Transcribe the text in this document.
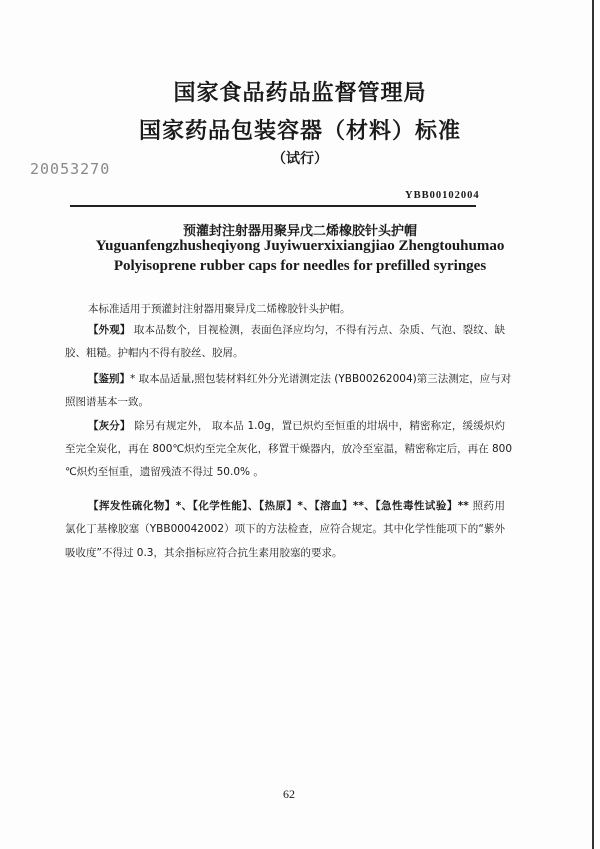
国家食品药品监督管理局
国家药品包装容器（材料）标准
（试行）
20053270
YBB00102004
预灌封注射器用聚异戊二烯橡胶针头护帽
Yuguanfengzhusheqiyong Juyiwuerxixiangjiao Zhengtouhumao
Polyisoprene rubber caps for needles for prefilled syringes
本标准适用于预灌封注射器用聚异戊二烯橡胶针头护帽。
【外观】 取本品数个，目视检测，表面色泽应均匀，不得有污点、杂质、气泡、裂纹、缺
胶、粗糙。护帽内不得有胶丝、胶屑。
【鉴别】* 取本品适量,照包装材料红外分光谱测定法 (YBB00262004)第三法测定，应与对
照图谱基本一致。
【灰分】 除另有规定外， 取本品 1.0g，置已炽灼至恒重的坩埚中，精密称定，缓缓炽灼
至完全炭化，再在 800℃炽灼至完全灰化，移置干燥器内，放冷至室温，精密称定后，再在 800
℃炽灼至恒重，遗留残渣不得过 50.0% 。
【挥发性硫化物】*、【化学性能】、【热原】*、【溶血】**、【急性毒性试验】** 照药用
氯化丁基橡胶塞（YBB00042002）项下的方法检查，应符合规定。其中化学性能项下的“紫外
吸收度”不得过 0.3，其余指标应符合抗生素用胶塞的要求。
62
